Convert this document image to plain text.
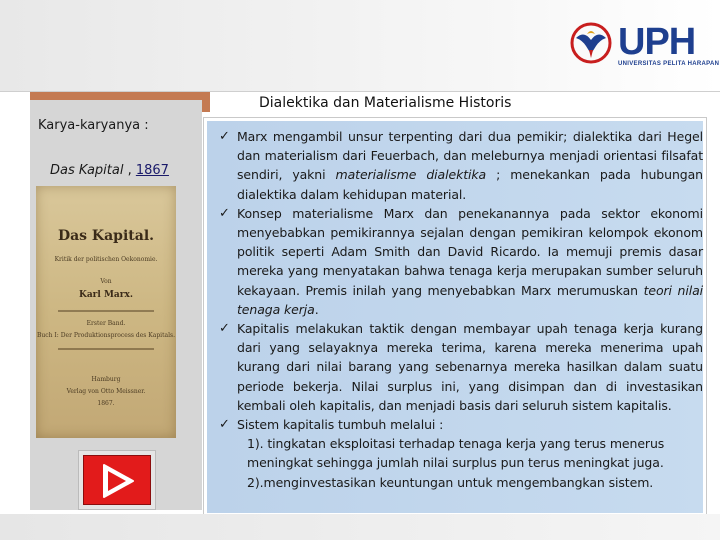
UPH
UNIVERSITAS PELITA HARAPAN
Karya-karyanya :
Das Kapital , 1867
Das Kapital.
Kritik der politischen Oekonomie.
Von
Karl Marx.
Erster Band.
Buch I: Der Produktionsprocess des Kapitals.
Hamburg
Verlag von Otto Meissner.
1867.
Dialektika dan Materialisme Historis
✓ Marx mengambil unsur terpenting dari dua pemikir; dialektika dari Hegel dan materialism dari Feuerbach, dan meleburnya menjadi orientasi filsafat sendiri, yakni materialisme dialektika ; menekankan pada hubungan dialektika dalam kehidupan material.
✓ Konsep materialisme Marx dan penekanannya pada sektor ekonomi menyebabkan pemikirannya sejalan dengan pemikiran kelompok ekonom politik seperti Adam Smith dan David Ricardo. Ia memuji premis dasar mereka yang menyatakan bahwa tenaga kerja merupakan sumber seluruh kekayaan. Premis inilah yang menyebabkan Marx merumuskan teori nilai tenaga kerja.
✓ Kapitalis melakukan taktik dengan membayar upah tenaga kerja kurang dari yang selayaknya mereka terima, karena mereka menerima upah kurang dari nilai barang yang sebenarnya mereka hasilkan dalam suatu periode bekerja. Nilai surplus ini, yang disimpan dan di investasikan kembali oleh kapitalis, dan menjadi basis dari seluruh sistem kapitalis.
✓ Sistem kapitalis tumbuh melalui :
1). tingkatan eksploitasi terhadap tenaga kerja yang terus menerus meningkat sehingga jumlah nilai surplus pun terus meningkat juga.
2).menginvestasikan keuntungan untuk mengembangkan sistem.
